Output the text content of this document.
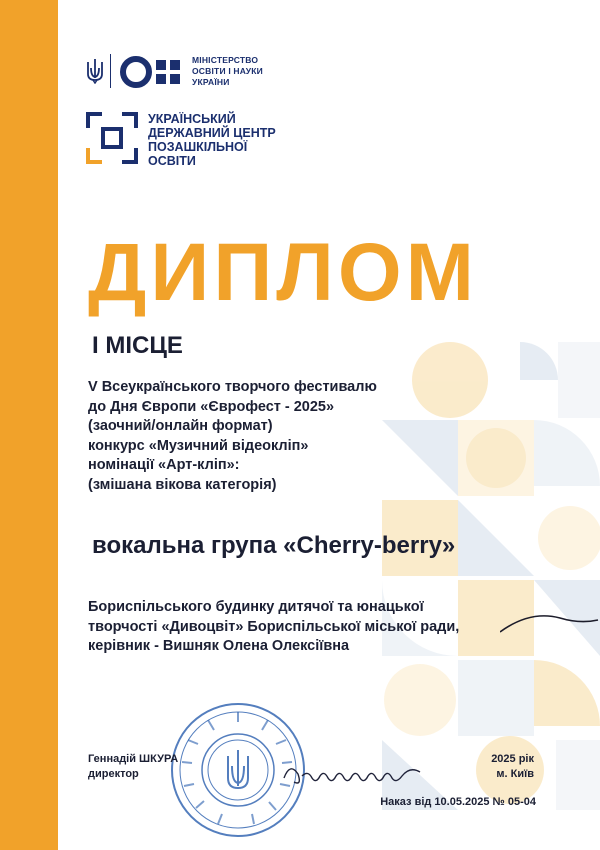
МІНІСТЕРСТВО
ОСВІТИ І НАУКИ
УКРАЇНИ
УКРАЇНСЬКИЙ
ДЕРЖАВНИЙ ЦЕНТР
ПОЗАШКІЛЬНОЇ
ОСВІТИ
ДИПЛОМ
І МІСЦЕ
V Всеукраїнського творчого фестивалю
до Дня Європи «Єврофест - 2025»
(заочний/онлайн формат)
конкурс «Музичний відеокліп»
номінації «Арт-кліп»:
(змішана вікова категорія)
вокальна група «Cherry-berry»
Бориспільського будинку дитячої та юнацької
творчості «Дивоцвіт» Бориспільської міської ради,
керівник - Вишняк Олена Олексіївна
Геннадій ШКУРА
директор
2025 рік
м. Київ
Наказ від 10.05.2025 № 05-04
